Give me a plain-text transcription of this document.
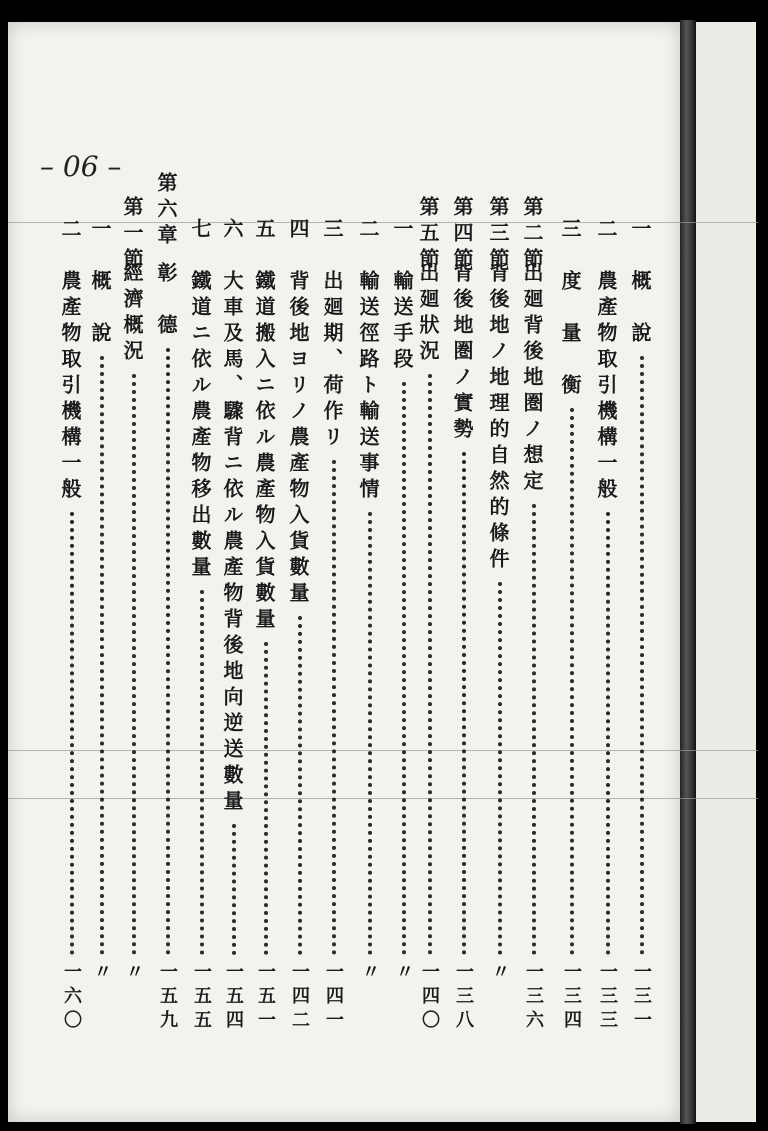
– 06 –
一　概　說
一三一
二　農產物取引機構一般
一三三
三　度　量　衡
一三四
第二節
出廻背後地圏ノ想定
一三六
第三節
背後地ノ地理的自然的條件
〃
第四節
背後地圏ノ實勢
一三八
第五節
出廻狀況
一四〇
一　輸送手段
〃
二　輸送徑路ト輸送事情
〃
三　出廻期、荷作リ
一四一
四　背後地ヨリノ農產物入貨數量
一四二
五　鐵道搬入ニ依ル農產物入貨數量
一五一
六　大車及馬、驟背ニ依ル農產物背後地向逆送數量
一五四
七　鐵道ニ依ル農產物移出數量
一五五
第六章
彰　德
一五九
第一節
經濟概況
〃
一　概　說
〃
二　農產物取引機構一般
一六〇
